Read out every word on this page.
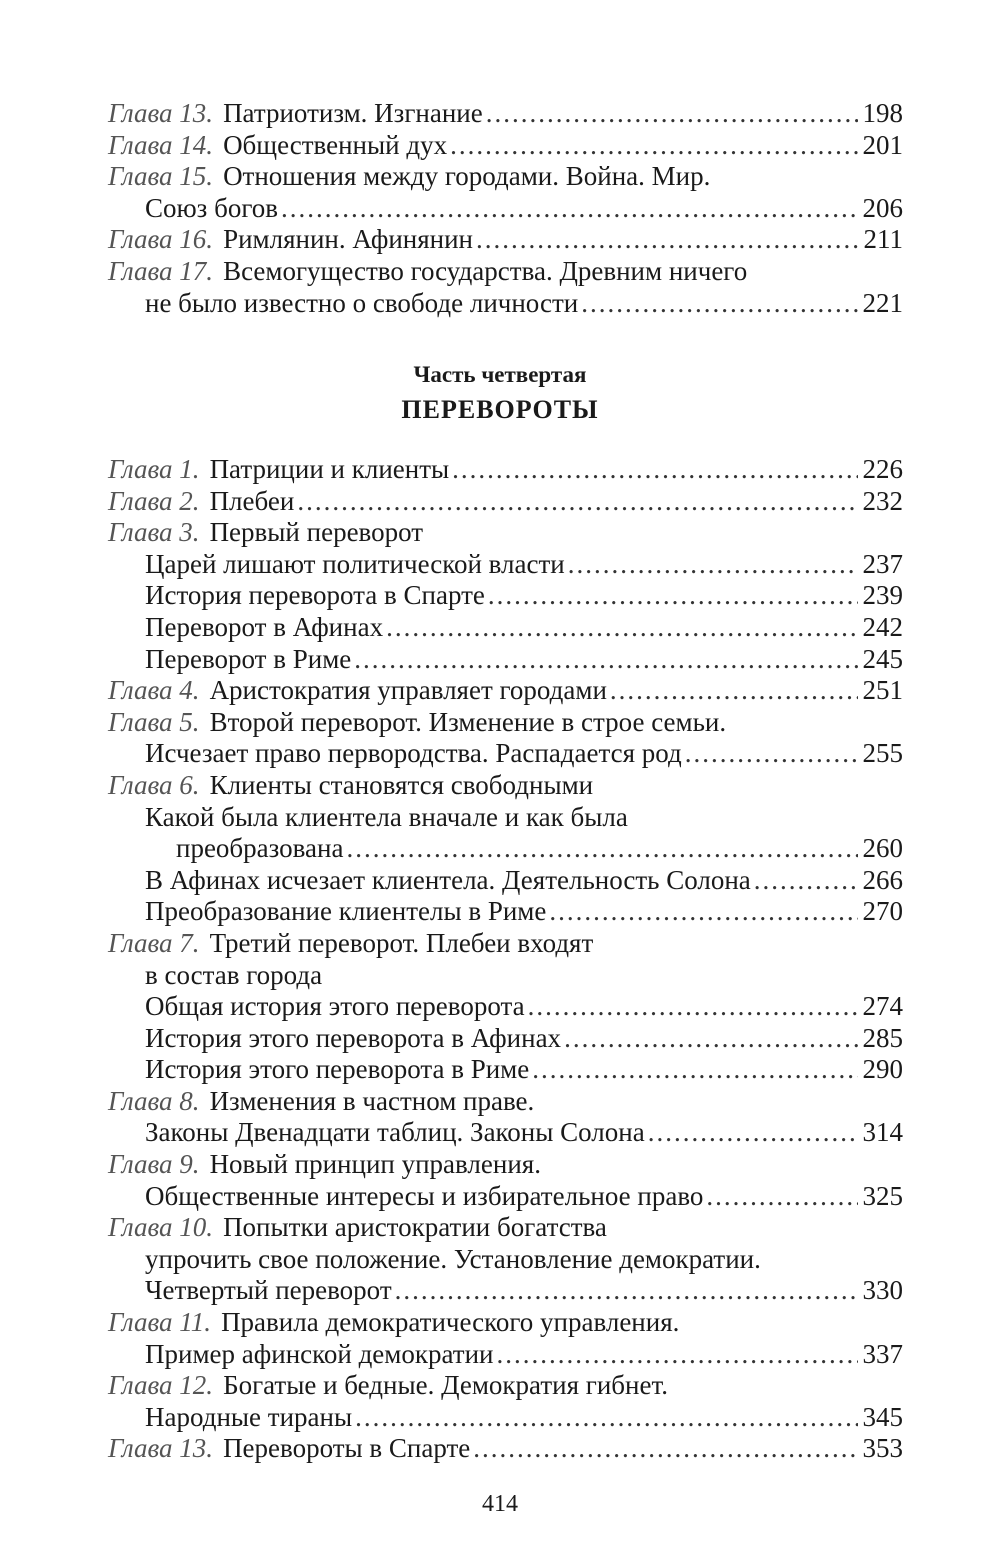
Глава 13. Патриотизм. Изгнание .....	198
Глава 14. Общественный дух .....	201
Глава 15. Отношения между городами. Война. Мир.
Союз богов .....	206
Глава 16. Римлянин. Афинянин .....	211
Глава 17. Всемогущество государства. Древним ничего
не было известно о свободе личности .....	221
Часть четвертая
ПЕРЕВОРОТЫ
Глава 1. Патриции и клиенты .....	226
Глава 2. Плебеи .....	232
Глава 3. Первый переворот
Царей лишают политической власти .....	237
История переворота в Спарте .....	239
Переворот в Афинах .....	242
Переворот в Риме .....	245
Глава 4. Аристократия управляет городами .....	251
Глава 5. Второй переворот. Изменение в строе семьи.
Исчезает право первородства. Распадается род .....	255
Глава 6. Клиенты становятся свободными
Какой была клиентела вначале и как была
преобразована .....	260
В Афинах исчезает клиентела. Деятельность Солона .....	266
Преобразование клиентелы в Риме .....	270
Глава 7. Третий переворот. Плебеи входят
в состав города
Общая история этого переворота .....	274
История этого переворота в Афинах .....	285
История этого переворота в Риме .....	290
Глава 8. Изменения в частном праве.
Законы Двенадцати таблиц. Законы Солона .....	314
Глава 9. Новый принцип управления.
Общественные интересы и избирательное право .....	325
Глава 10. Попытки аристократии богатства
упрочить свое положение. Установление демократии.
Четвертый переворот .....	330
Глава 11. Правила демократического управления.
Пример афинской демократии .....	337
Глава 12. Богатые и бедные. Демократия гибнет.
Народные тираны .....	345
Глава 13. Перевороты в Спарте .....	353
414
